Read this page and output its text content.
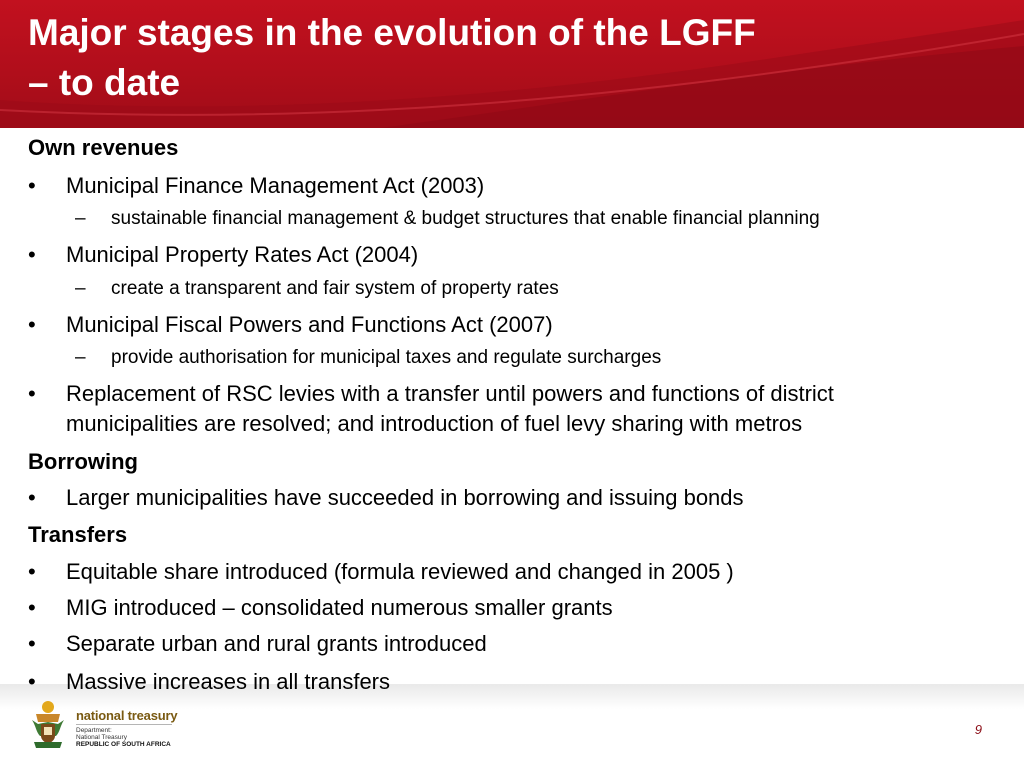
Major stages in the evolution of the LGFF
– to date
Own revenues
• Municipal Finance Management Act (2003)
– sustainable financial management & budget structures that enable financial planning
• Municipal Property Rates Act (2004)
– create a transparent and fair system of property rates
• Municipal Fiscal Powers and Functions Act (2007)
– provide authorisation for municipal taxes and regulate surcharges
• Replacement of RSC levies with a transfer until powers and functions of district
municipalities are resolved; and introduction of fuel levy sharing with metros
Borrowing
• Larger municipalities have succeeded in borrowing and issuing bonds
Transfers
• Equitable share introduced (formula reviewed and changed in 2005 )
• MIG introduced – consolidated numerous smaller grants
• Separate urban and rural grants introduced
• Massive increases in all transfers
national treasury
Department:
National Treasury
REPUBLIC OF SOUTH AFRICA
9
